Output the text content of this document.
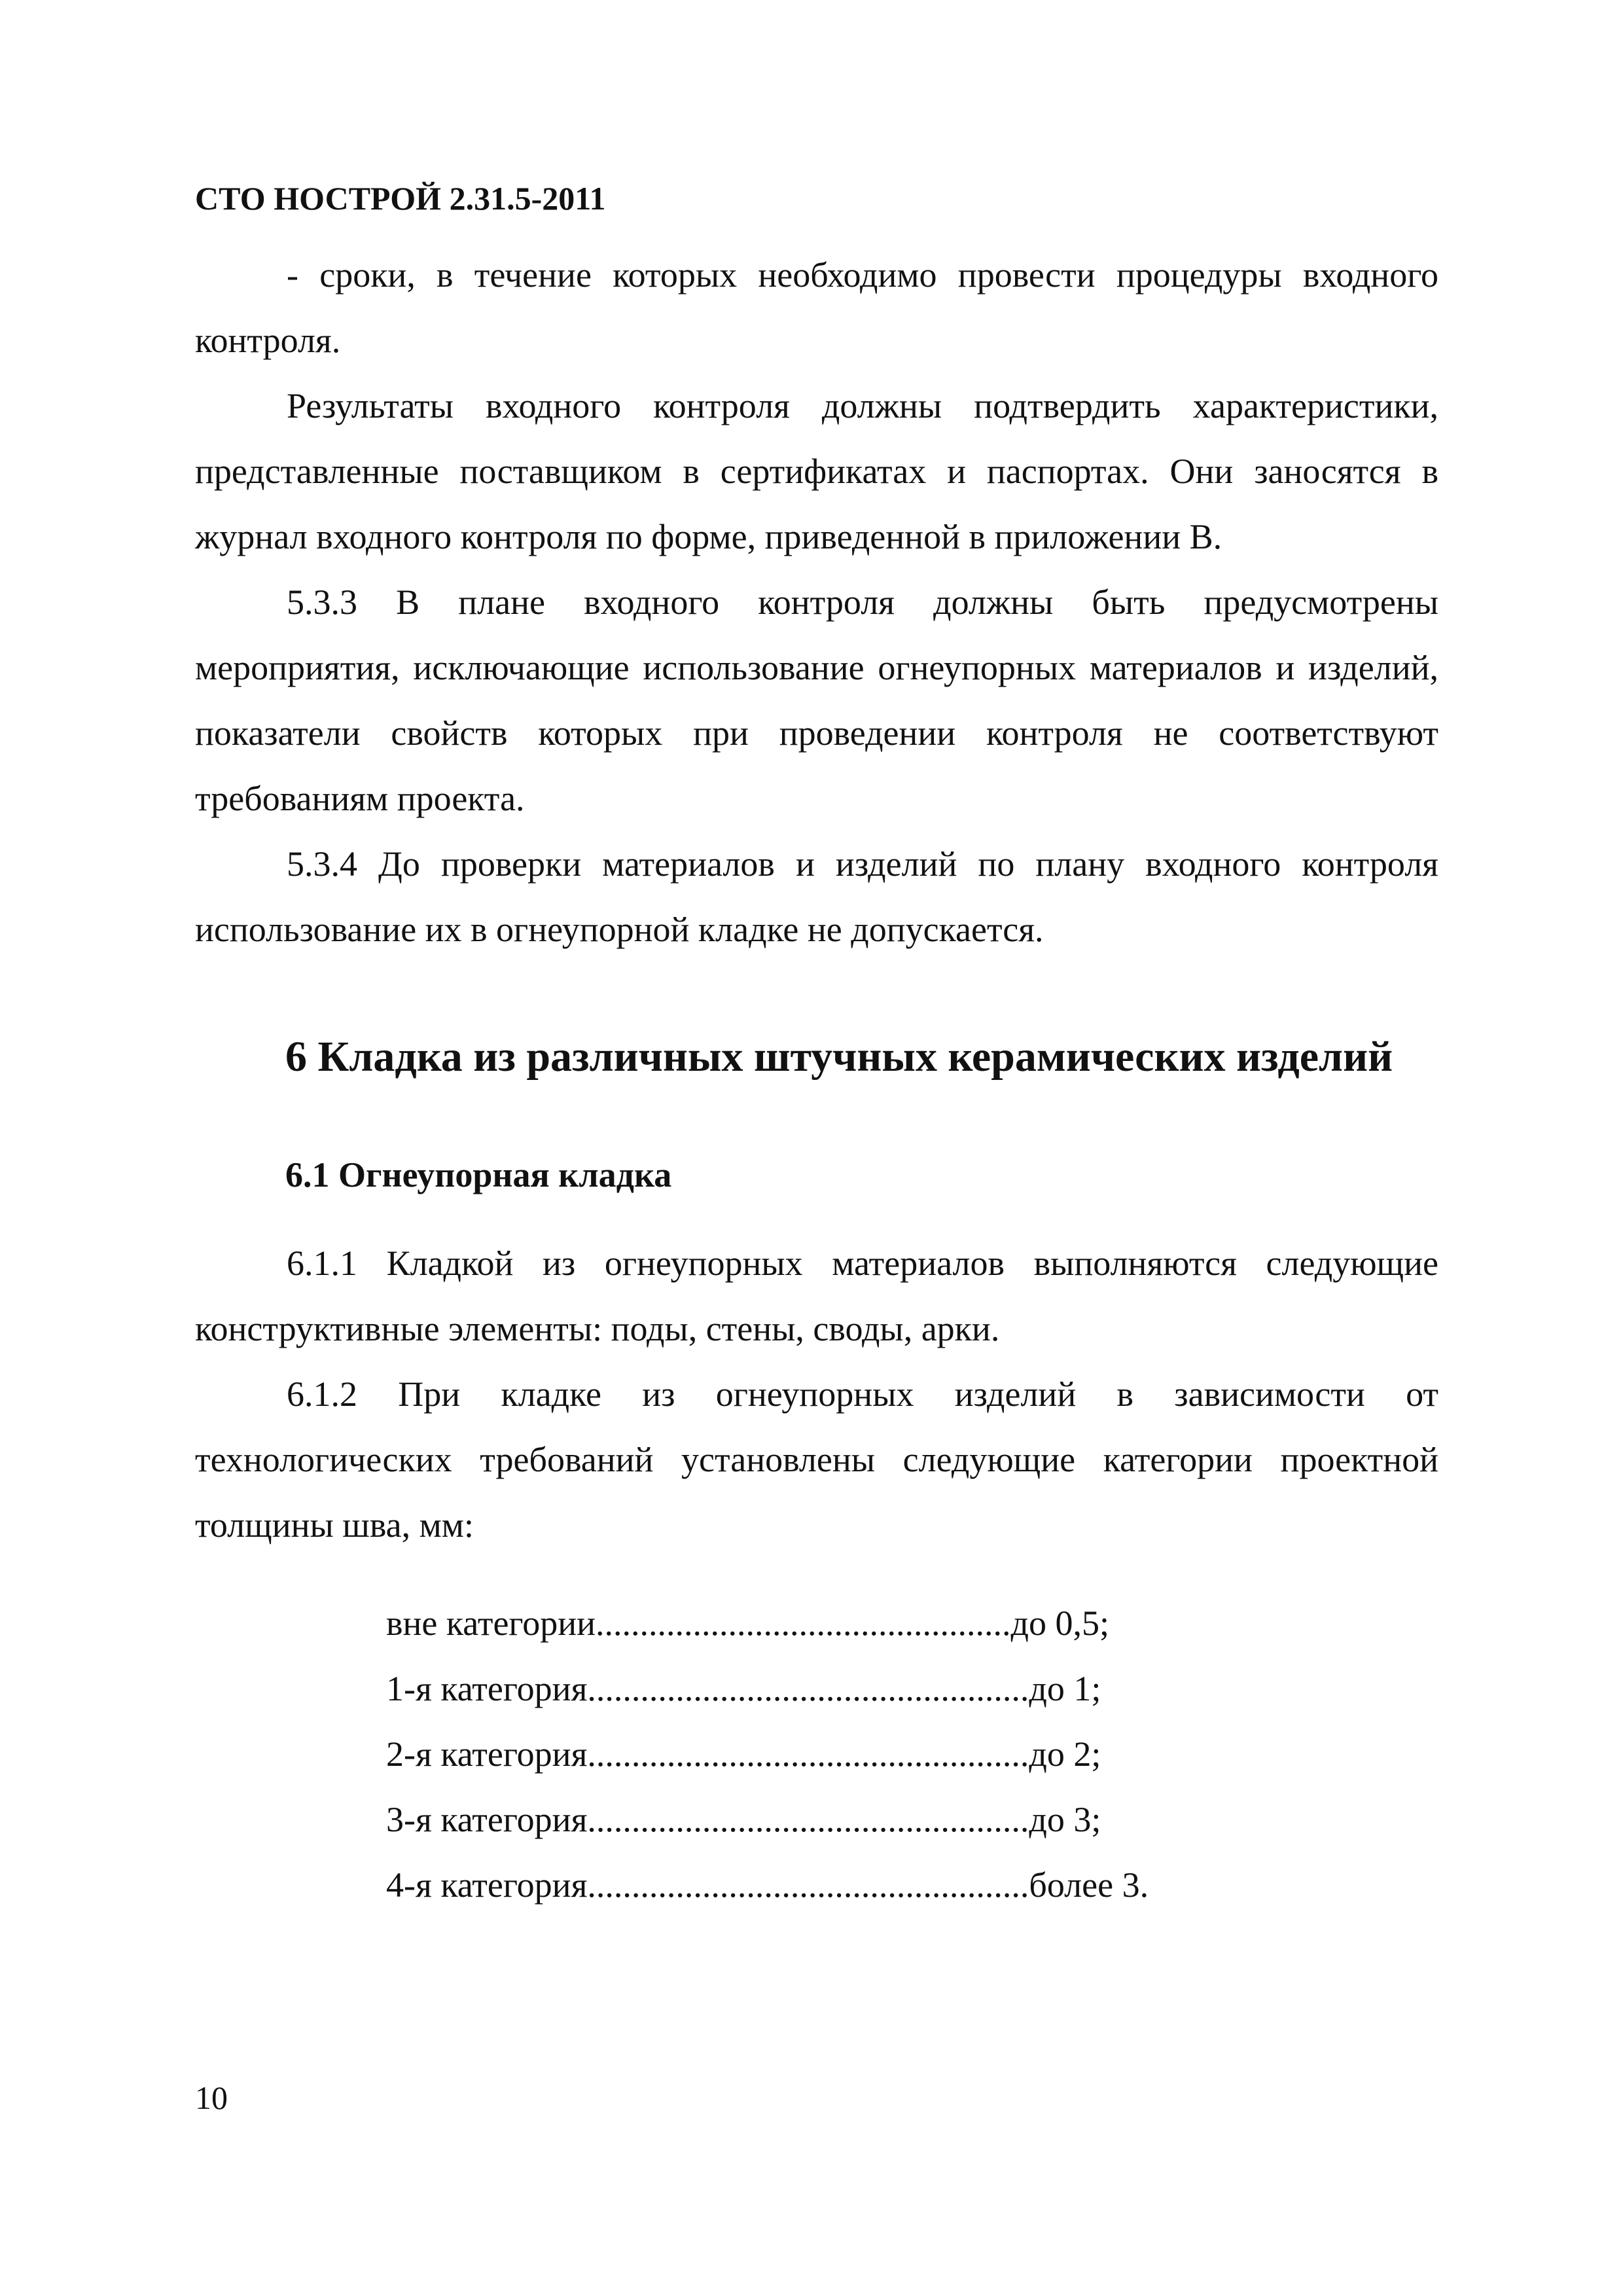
СТО НОСТРОЙ 2.31.5-2011

- сроки, в течение которых необходимо провести процедуры входного контроля.

Результаты входного контроля должны подтвердить характеристики, представленные поставщиком в сертификатах и паспортах. Они заносятся в журнал входного контроля по форме, приведенной в приложении В.

5.3.3 В плане входного контроля должны быть предусмотрены мероприятия, исключающие использование огнеупорных материалов и изделий, показатели свойств которых при проведении контроля не соответствуют требованиям проекта.

5.3.4 До проверки материалов и изделий по плану входного контроля использование их в огнеупорной кладке не допускается.

6 Кладка из различных штучных керамических изделий
6.1 Огнеупорная кладка

6.1.1 Кладкой из огнеупорных материалов выполняются следующие конструктивные элементы: поды, стены, своды, арки.

6.1.2 При кладке из огнеупорных изделий в зависимости от технологических требований установлены следующие категории проектной толщины шва, мм:

вне категории...............................................до 0,5;
1-я категория..................................................до 1;
2-я категория..................................................до 2;
3-я категория..................................................до 3;
4-я категория..................................................более 3.
10
